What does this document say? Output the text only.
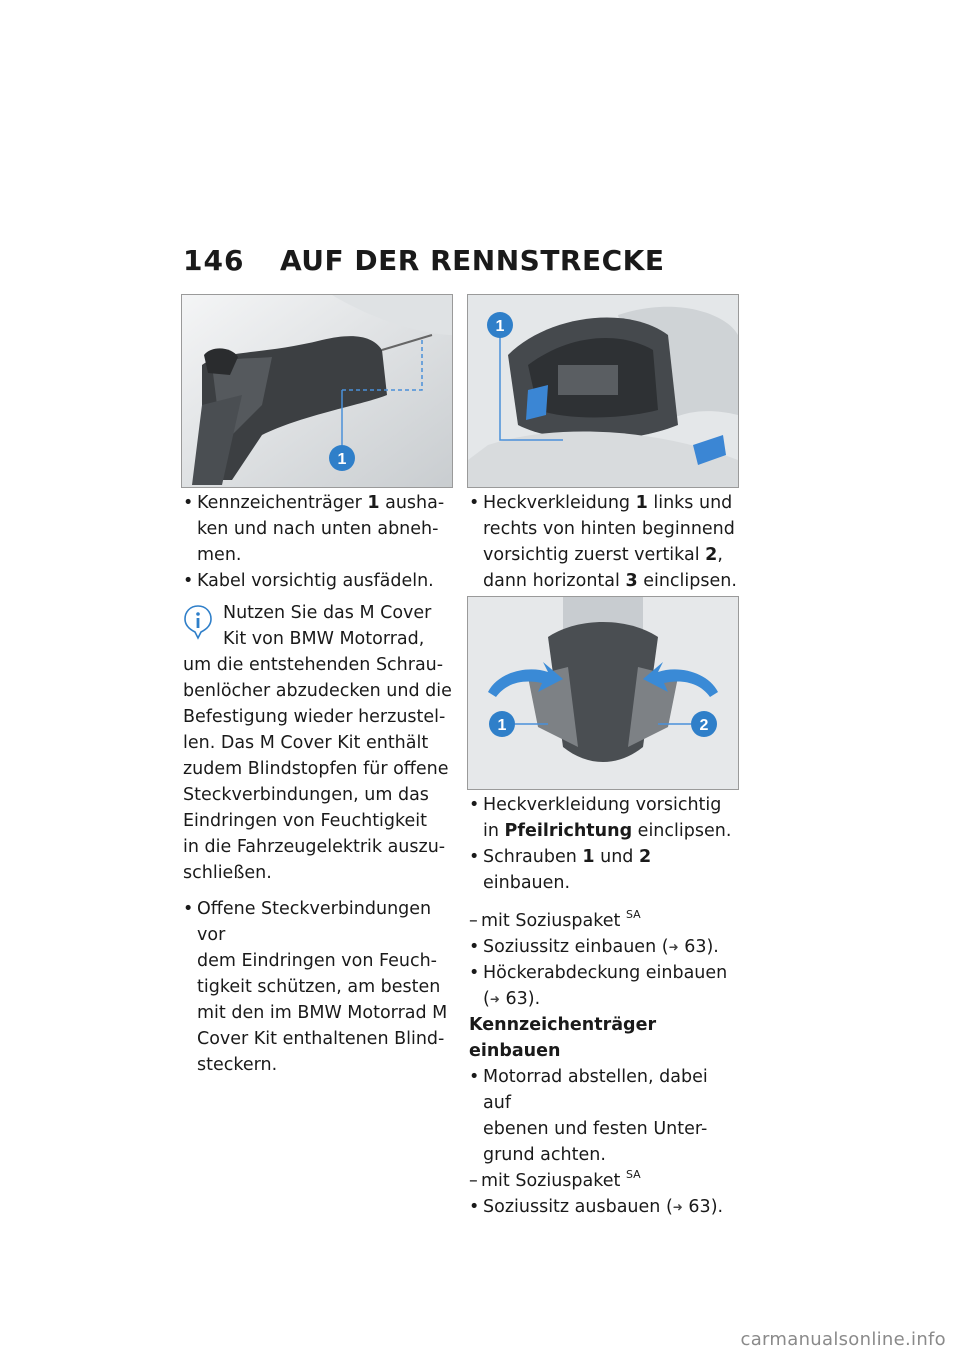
146 AUF DER RENNSTRECKE
1
1
1	2

• Kennzeichenträger 1 ausha-
ken und nach unten abneh-
men.

• Kabel vorsichtig ausfädeln.

Nutzen Sie das M Cover
Kit von BMW Motorrad,
um die entstehenden Schrau-
benlöcher abzudecken und die
Befestigung wieder herzustel-
len. Das M Cover Kit enthält
zudem Blindstopfen für offene
Steckverbindungen, um das
Eindringen von Feuchtigkeit
in die Fahrzeugelektrik auszu-
schließen.

• Offene Steckverbindungen vor
dem Eindringen von Feuch-
tigkeit schützen, am besten
mit den im BMW Motorrad M
Cover Kit enthaltenen Blind-
steckern.

• Heckverkleidung 1 links und
rechts von hinten beginnend
vorsichtig zuerst vertikal 2,
dann horizontal 3 einclipsen.

• Heckverkleidung vorsichtig
in Pfeilrichtung einclipsen.

• Schrauben 1 und 2 einbauen.

– mit Soziuspaket $^{SA}$

• Soziussitz einbauen (➜ 63).

• Höckerabdeckung einbauen
(➜ 63).

Kennzeichenträger einbauen

• Motorrad abstellen, dabei auf
ebenen und festen Unter-
grund achten.

– mit Soziuspaket $^{SA}$

• Soziussitz ausbauen (➜ 63).

carmanualsonline.info
